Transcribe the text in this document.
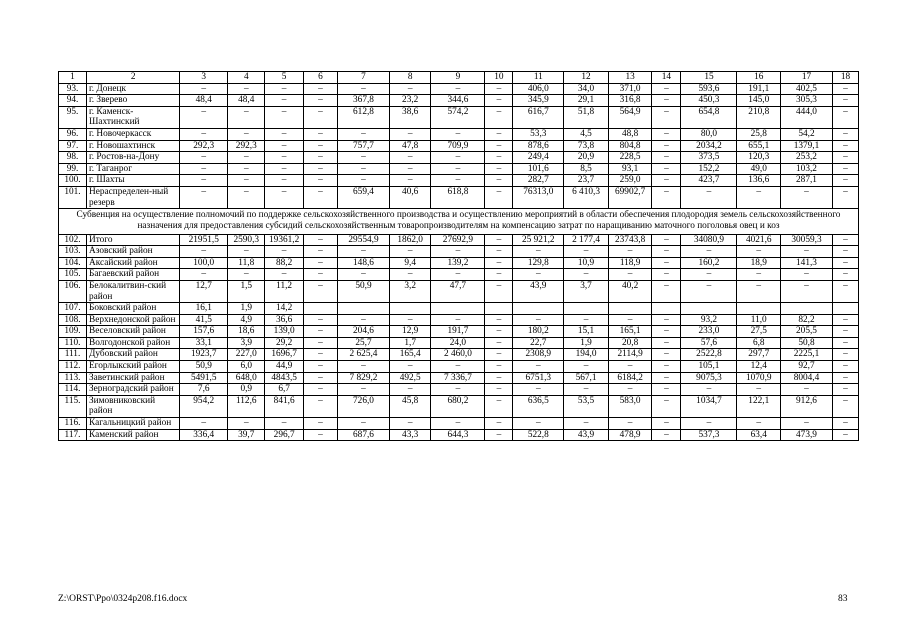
1	2	3	4	5	6	7	8	9	10	11	12	13	14	15	16	17	18
93.	г. Донецк	–	–	–	–	–	–	–	–	406,0	34,0	371,0	–	593,6	191,1	402,5	–
94.	г. Зверево	48,4	48,4	–	–	367,8	23,2	344,6	–	345,9	29,1	316,8	–	450,3	145,0	305,3	–
95.	г. Каменск-Шахтинский	–	–	–	–	612,8	38,6	574,2	–	616,7	51,8	564,9	–	654,8	210,8	444,0	–
96.	г. Новочеркасск	–	–	–	–	–	–	–	–	53,3	4,5	48,8	–	80,0	25,8	54,2	–
97.	г. Новошахтинск	292,3	292,3	–	–	757,7	47,8	709,9	–	878,6	73,8	804,8	–	2034,2	655,1	1379,1	–
98.	г. Ростов-на-Дону	–	–	–	–	–	–	–	–	249,4	20,9	228,5	–	373,5	120,3	253,2	–
99.	г. Таганрог	–	–	–	–	–	–	–	–	101,6	8,5	93,1	–	152,2	49,0	103,2	–
100.	г. Шахты	–	–	–	–	–	–	–	–	282,7	23,7	259,0	–	423,7	136,6	287,1	–
101.	Нераспределен-ный резерв	–	–	–	–	659,4	40,6	618,8	–	76313,0	6 410,3	69902,7	–	–	–	–	–
Субвенция на осуществление полномочий по поддержке сельскохозяйственного производства и осуществлению мероприятий в области обеспечения плодородия земель сельскохозяйственного назначения для предоставления субсидий сельскохозяйственным товаропроизводителям на компенсацию затрат по наращиванию маточного поголовья овец и коз																	
102.	Итого	21951,5	2590,3	19361,2	–	29554,9	1862,0	27692,9	–	25 921,2	2 177,4	23743,8	–	34080,9	4021,6	30059,3	–
103.	Азовский район	–	–	–	–	–	–	–	–	–	–	–	–	–	–	–	–
104.	Аксайский район	100,0	11,8	88,2	–	148,6	9,4	139,2	–	129,8	10,9	118,9	–	160,2	18,9	141,3	–
105.	Багаевский район	–	–	–	–	–	–	–	–	–	–	–	–	–	–	–	–
106.	Белокалитвин-ский район	12,7	1,5	11,2	–	50,9	3,2	47,7	–	43,9	3,7	40,2	–	–	–	–	–
107.	Боковский район	16,1	1,9	14,2													
108.	Верхнедонской район	41,5	4,9	36,6	–	–	–	–	–	–	–	–	–	93,2	11,0	82,2	–
109.	Веселовский район	157,6	18,6	139,0	–	204,6	12,9	191,7	–	180,2	15,1	165,1	–	233,0	27,5	205,5	–
110.	Волгодонской район	33,1	3,9	29,2	–	25,7	1,7	24,0	–	22,7	1,9	20,8	–	57,6	6,8	50,8	–
111.	Дубовский район	1923,7	227,0	1696,7	–	2 625,4	165,4	2 460,0	–	2308,9	194,0	2114,9	–	2522,8	297,7	2225,1	–
112.	Егорлыкский район	50,9	6,0	44,9	–	–	–	–	–	–	–	–	–	105,1	12,4	92,7	–
113.	Заветинский район	5491,5	648,0	4843,5	–	7 829,2	492,5	7 336,7	–	6751,3	567,1	6184,2	–	9075,3	1070,9	8004,4	–
114.	Зерноградский район	7,6	0,9	6,7	–	–	–	–	–	–	–	–	–	–	–	–	–
115.	Зимовниковский район	954,2	112,6	841,6	–	726,0	45,8	680,2	–	636,5	53,5	583,0	–	1034,7	122,1	912,6	–
116.	Кагальницкий район	–	–	–	–	–	–	–	–	–	–	–	–	–	–	–	–
117.	Каменский район	336,4	39,7	296,7	–	687,6	43,3	644,3	–	522,8	43,9	478,9	–	537,3	63,4	473,9	–
Z:\ORST\Ppo\0324p208.f16.docx	83
